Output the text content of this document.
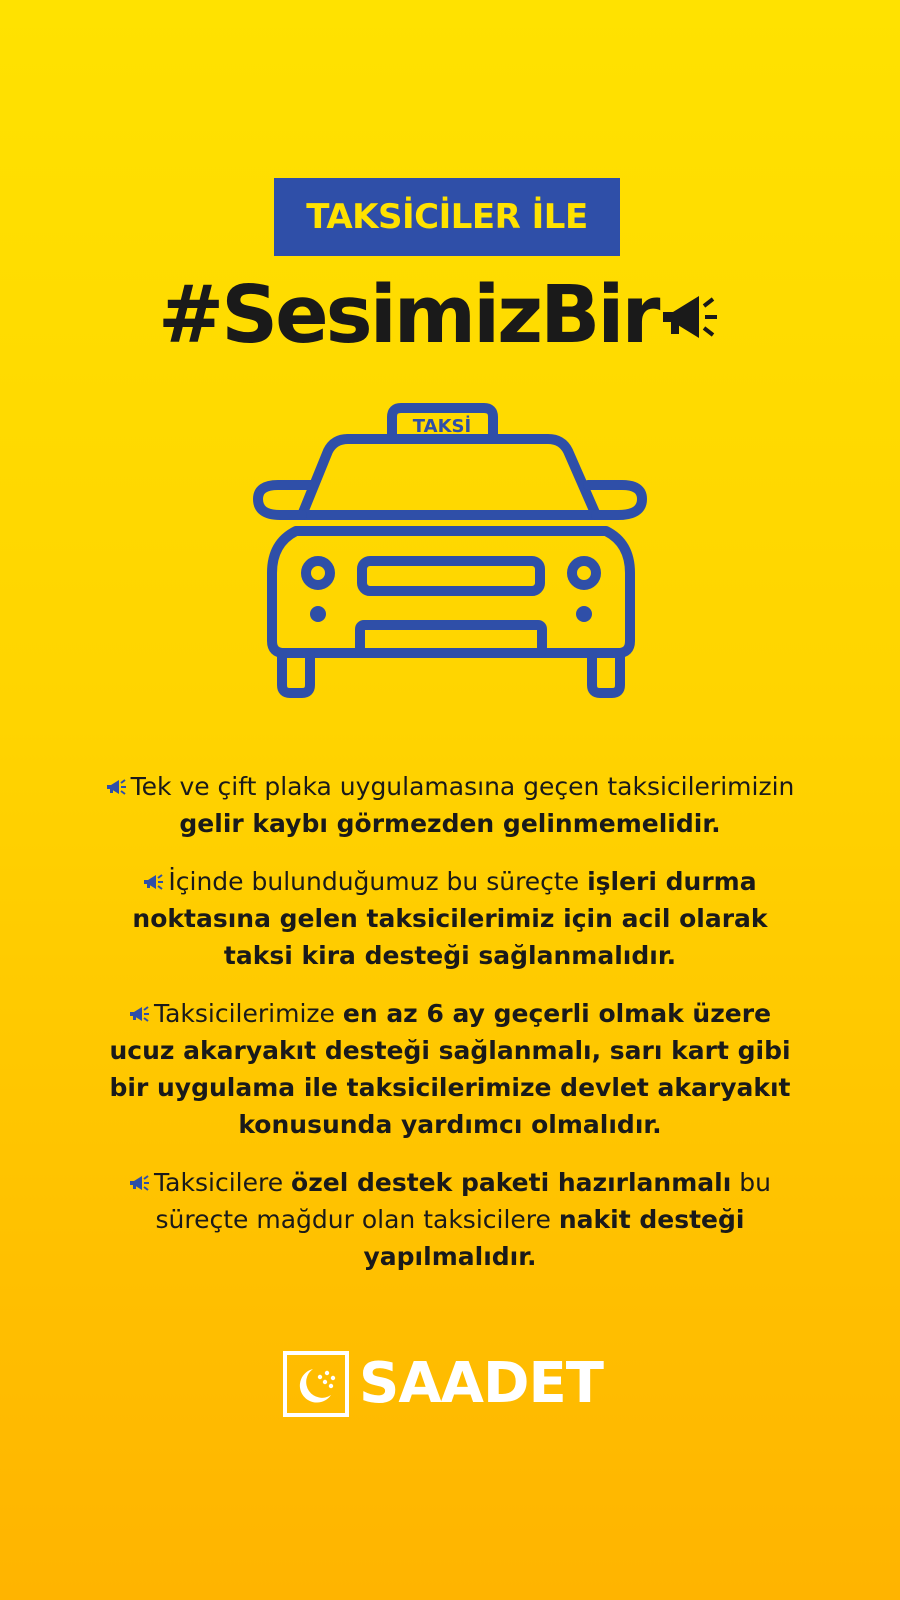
TAKSİCİLER İLE
#SesimizBir
TAKSİ

Tek ve çift plaka uygulamasına geçen taksicilerimizin gelir kaybı görmezden gelinmemelidir.

İçinde bulunduğumuz bu süreçte işleri durma noktasına gelen taksicilerimiz için acil olarak taksi kira desteği sağlanmalıdır.

Taksicilerimize en az 6 ay geçerli olmak üzere ucuz akaryakıt desteği sağlanmalı, sarı kart gibi bir uygulama ile taksicilerimize devlet akaryakıt konusunda yardımcı olmalıdır.

Taksicilere özel destek paketi hazırlanmalı bu süreçte mağdur olan taksicilere nakit desteği yapılmalıdır.

SAADET
